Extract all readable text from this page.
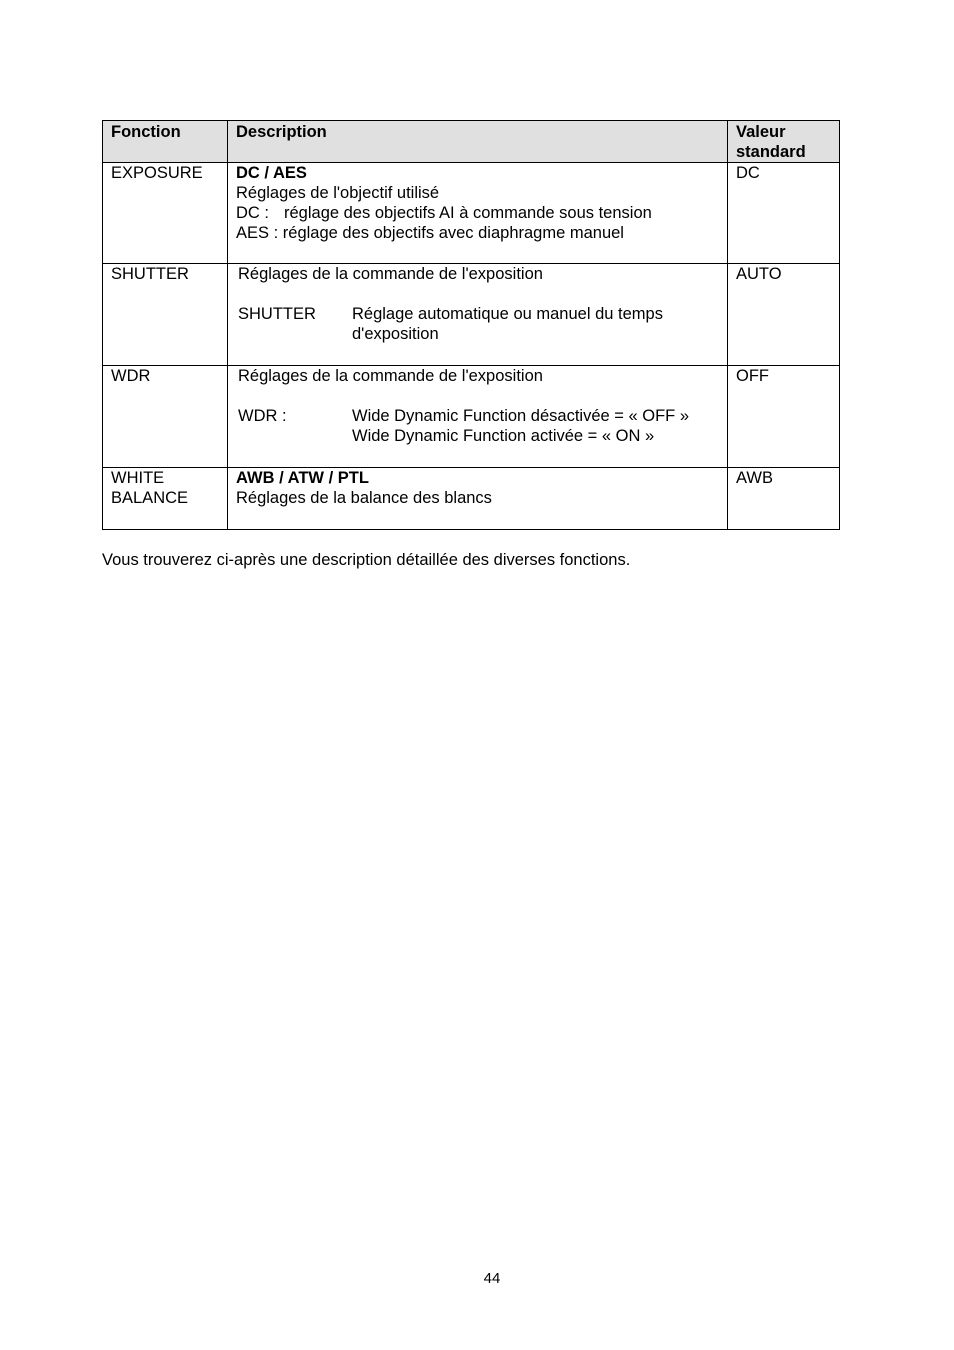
Fonction	Description	Valeur
standard

EXPOSURE	DC / AES
Réglages de l'objectif utilisé
DC : réglage des objectifs AI à commande sous tension
AES : réglage des objectifs avec diaphragme manuel	DC
SHUTTER	Réglages de la commande de l'exposition
SHUTTER Réglage automatique ou manuel du temps
d'exposition	AUTO
WDR	Réglages de la commande de l'exposition
WDR : Wide Dynamic Function désactivée = « OFF »
Wide Dynamic Function activée = « ON »	OFF

WHITE
BALANCE	AWB / ATW / PTL
Réglages de la balance des blancs	AWB
Vous trouverez ci-après une description détaillée des diverses fonctions.
44
